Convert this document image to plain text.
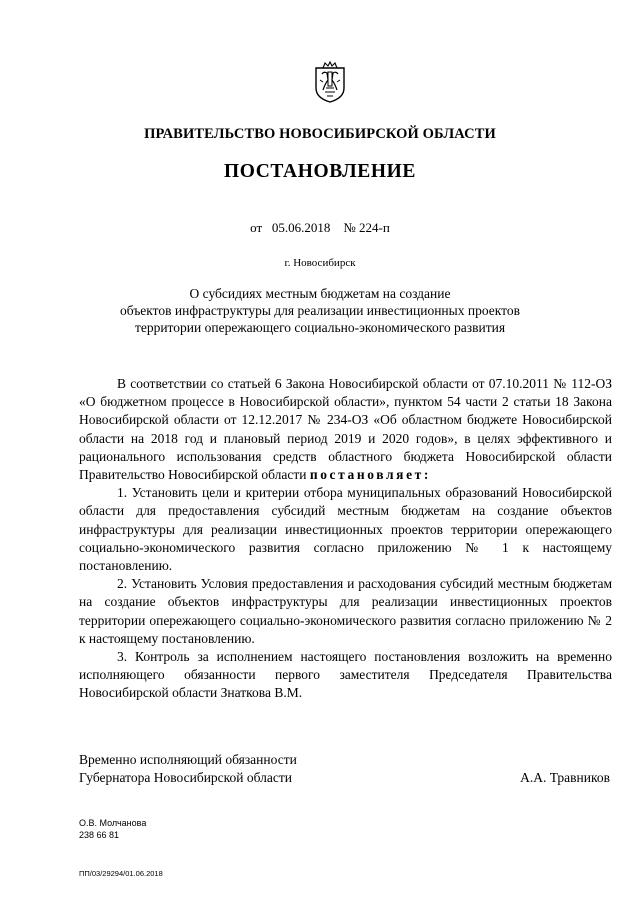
ПРАВИТЕЛЬСТВО НОВОСИБИРСКОЙ ОБЛАСТИ
ПОСТАНОВЛЕНИЕ
от 05.06.2018 № 224-п
г. Новосибирск
О субсидиях местным бюджетам на создание
объектов инфраструктуры для реализации инвестиционных проектов
территории опережающего социально-экономического развития

В соответствии со статьей 6 Закона Новосибирской области от 07.10.2011 № 112-ОЗ «О бюджетном процессе в Новосибирской области», пунктом 54 части 2 статьи 18 Закона Новосибирской области от 12.12.2017 № 234-ОЗ «Об областном бюджете Новосибирской области на 2018 год и плановый период 2019 и 2020 годов», в целях эффективного и рационального использования средств областного бюджета Новосибирской области Правительство Новосибирской области постановляет:

1. Установить цели и критерии отбора муниципальных образований Новосибирской области для предоставления субсидий местным бюджетам на создание объектов инфраструктуры для реализации инвестиционных проектов территории опережающего социально-экономического развития согласно приложению № 1 к настоящему постановлению.

2. Установить Условия предоставления и расходования субсидий местным бюджетам на создание объектов инфраструктуры для реализации инвестиционных проектов территории опережающего социально-экономического развития согласно приложению № 2 к настоящему постановлению.

3. Контроль за исполнением настоящего постановления возложить на временно исполняющего обязанности первого заместителя Председателя Правительства Новосибирской области Знаткова В.М.

Временно исполняющий обязанности
Губернатора Новосибирской области	А.А. Травников
О.В. Молчанова
238 66 81
ПП/03/29294/01.06.2018
